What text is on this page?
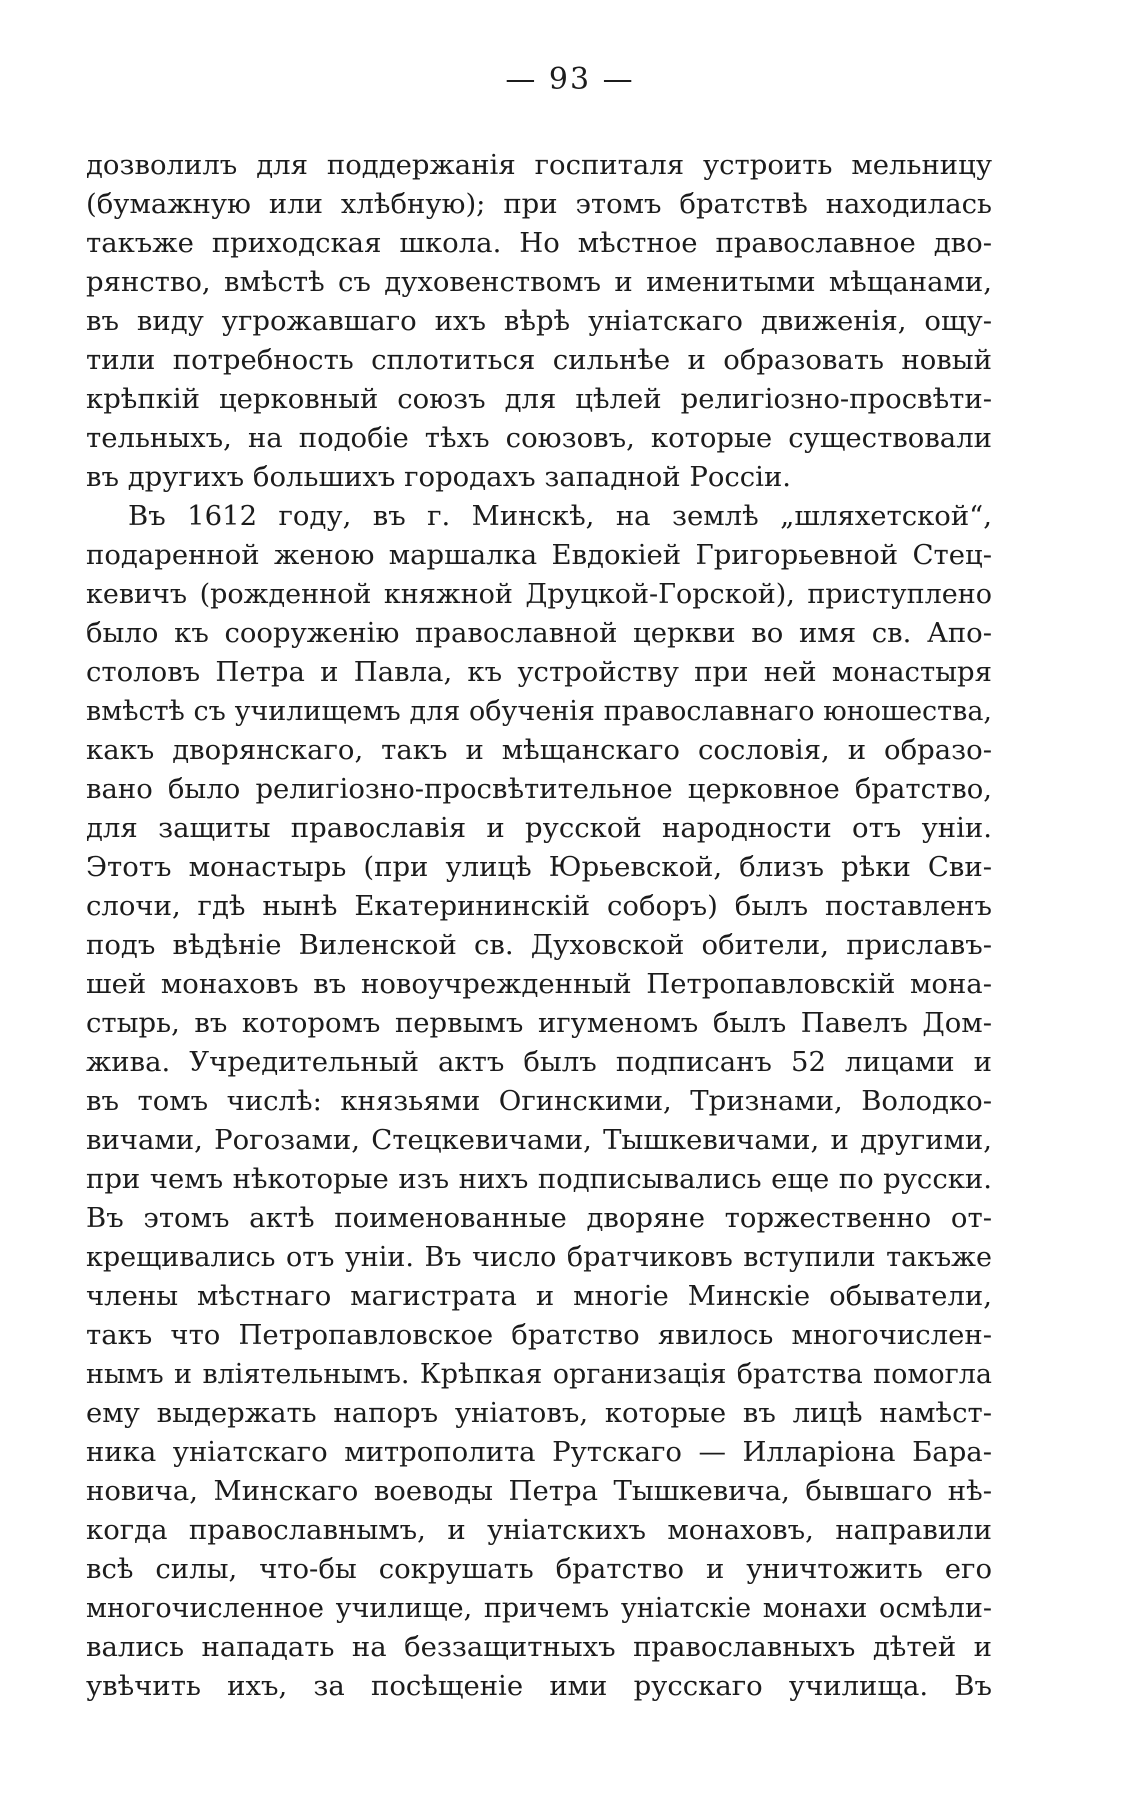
— 93 —
дозволилъ для поддержанія госпиталя устроить мельницу
(бумажную или хлѣбную); при этомъ братствѣ находилась
такъже приходская школа. Но мѣстное православное дво-
рянство, вмѣстѣ съ духовенствомъ и именитыми мѣщанами,
въ виду угрожавшаго ихъ вѣрѣ уніатскаго движенія, ощу-
тили потребность сплотиться сильнѣе и образовать новый
крѣпкій церковный союзъ для цѣлей религіозно-просвѣти-
тельныхъ, на подобіе тѣхъ союзовъ, которые существовали
въ другихъ большихъ городахъ западной Россіи.
Въ 1612 году, въ г. Минскѣ, на землѣ „шляхетской“,
подаренной женою маршалка Евдокіей Григорьевной Стец-
кевичъ (рожденной княжной Друцкой-Горской), приступлено
было къ сооруженію православной церкви во имя св. Апо-
столовъ Петра и Павла, къ устройству при ней монастыря
вмѣстѣ съ училищемъ для обученія православнаго юношества,
какъ дворянскаго, такъ и мѣщанскаго сословія, и образо-
вано было религіозно-просвѣтительное церковное братство,
для защиты православія и русской народности отъ уніи.
Этотъ монастырь (при улицѣ Юрьевской, близъ рѣки Сви-
слочи, гдѣ нынѣ Екатерининскій соборъ) былъ поставленъ
подъ вѣдѣніе Виленской св. Духовской обители, приславъ-
шей монаховъ въ новоучрежденный Петропавловскій мона-
стырь, въ которомъ первымъ игуменомъ былъ Павелъ Дом-
жива. Учредительный актъ былъ подписанъ 52 лицами и
въ томъ числѣ: князьями Огинскими, Тризнами, Володко-
вичами, Рогозами, Стецкевичами, Тышкевичами, и другими,
при чемъ нѣкоторые изъ нихъ подписывались еще по русски.
Въ этомъ актѣ поименованные дворяне торжественно от-
крещивались отъ уніи. Въ число братчиковъ вступили такъже
члены мѣстнаго магистрата и многіе Минскіе обыватели,
такъ что Петропавловское братство явилось многочислен-
нымъ и вліятельнымъ. Крѣпкая организація братства помогла
ему выдержать напоръ уніатовъ, которые въ лицѣ намѣст-
ника уніатскаго митрополита Рутскаго — Илларіона Бара-
новича, Минскаго воеводы Петра Тышкевича, бывшаго нѣ-
когда православнымъ, и уніатскихъ монаховъ, направили
всѣ силы, что-бы сокрушать братство и уничтожить его
многочисленное училище, причемъ уніатскіе монахи осмѣли-
вались нападать на беззащитныхъ православныхъ дѣтей и
увѣчить ихъ, за посѣщеніе ими русскаго училища. Въ
